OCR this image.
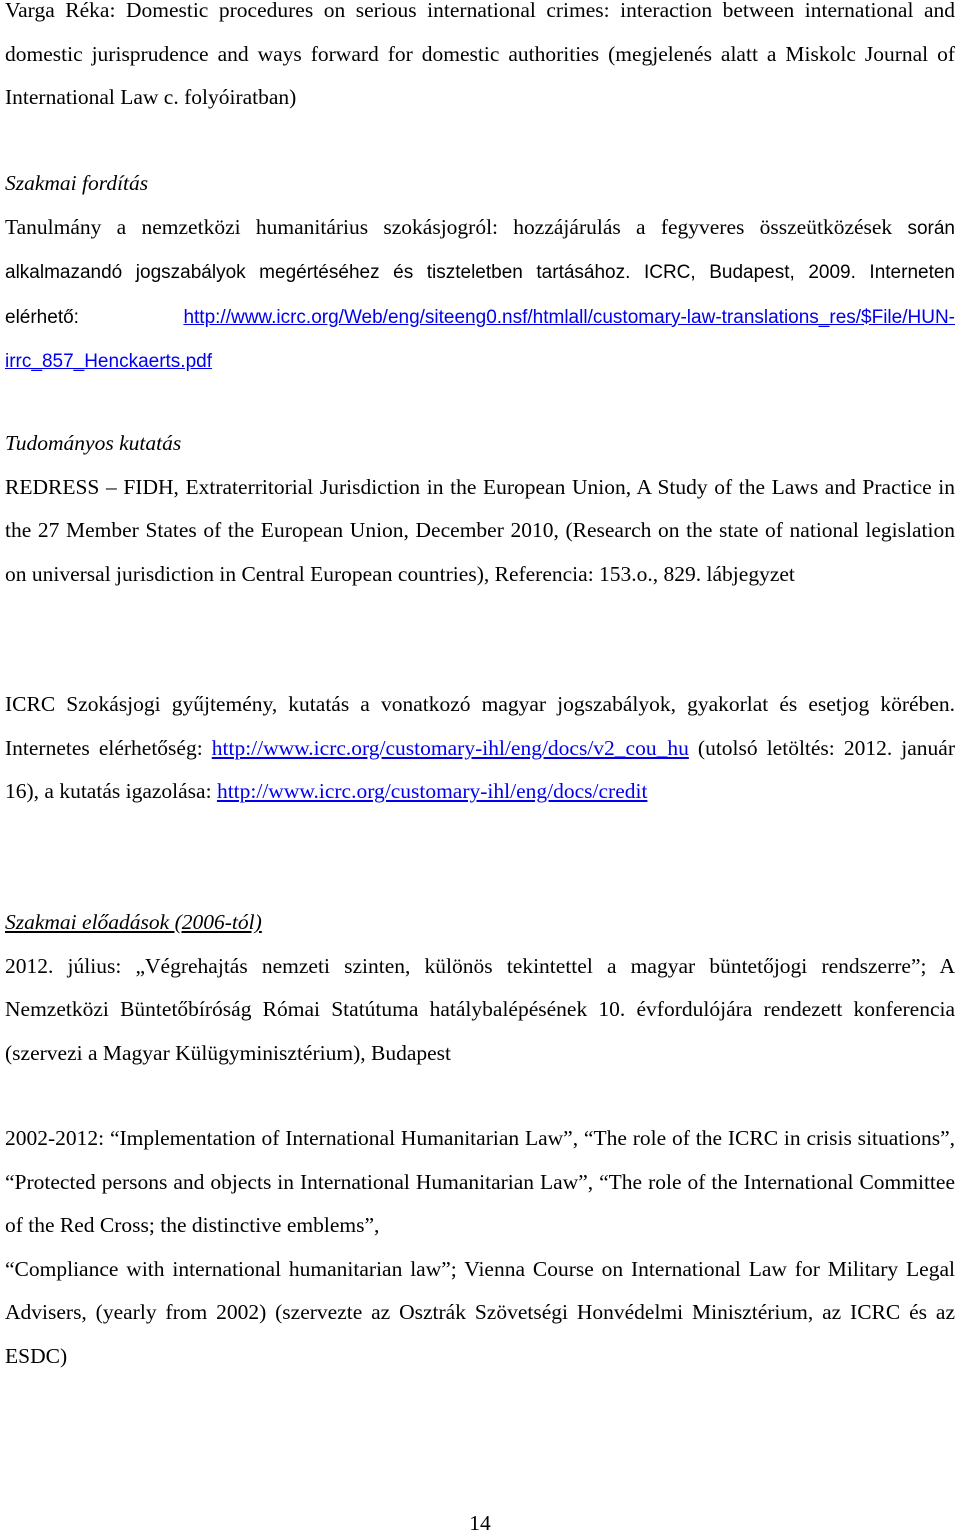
Varga Réka: Domestic procedures on serious international crimes: interaction between international and domestic jurisprudence and ways forward for domestic authorities (megjelenés alatt a Miskolc Journal of International Law c. folyóiratban)

Szakmai fordítás

Tanulmány a nemzetközi humanitárius szokásjogról: hozzájárulás a fegyveres összeütközések során alkalmazandó jogszabályok megértéséhez és tiszteletben tartásához. ICRC, Budapest, 2009. Interneten elérhető: http://www.icrc.org/Web/eng/siteeng0.nsf/htmlall/customary-law-translations_res/$File/HUN-irrc_857_Henckaerts.pdf

Tudományos kutatás

REDRESS – FIDH, Extraterritorial Jurisdiction in the European Union, A Study of the Laws and Practice in the 27 Member States of the European Union, December 2010, (Research on the state of national legislation on universal jurisdiction in Central European countries), Referencia: 153.o., 829. lábjegyzet

ICRC Szokásjogi gyűjtemény, kutatás a vonatkozó magyar jogszabályok, gyakorlat és esetjog körében. Internetes elérhetőség: http://www.icrc.org/customary-ihl/eng/docs/v2_cou_hu (utolsó letöltés: 2012. január 16), a kutatás igazolása: http://www.icrc.org/customary-ihl/eng/docs/credit

Szakmai előadások (2006-tól)

2012. július: „Végrehajtás nemzeti szinten, különös tekintettel a magyar büntetőjogi rendszerre”; A Nemzetközi Büntetőbíróság Római Statútuma hatálybalépésének 10. évfordulójára rendezett konferencia (szervezi a Magyar Külügyminisztérium), Budapest

2002-2012: “Implementation of International Humanitarian Law”, “The role of the ICRC in crisis situations”, “Protected persons and objects in International Humanitarian Law”, “The role of the International Committee of the Red Cross; the distinctive emblems”,

“Compliance with international humanitarian law”; Vienna Course on International Law for Military Legal Advisers, (yearly from 2002) (szervezte az Osztrák Szövetségi Honvédelmi Minisztérium, az ICRC és az ESDC)

14
